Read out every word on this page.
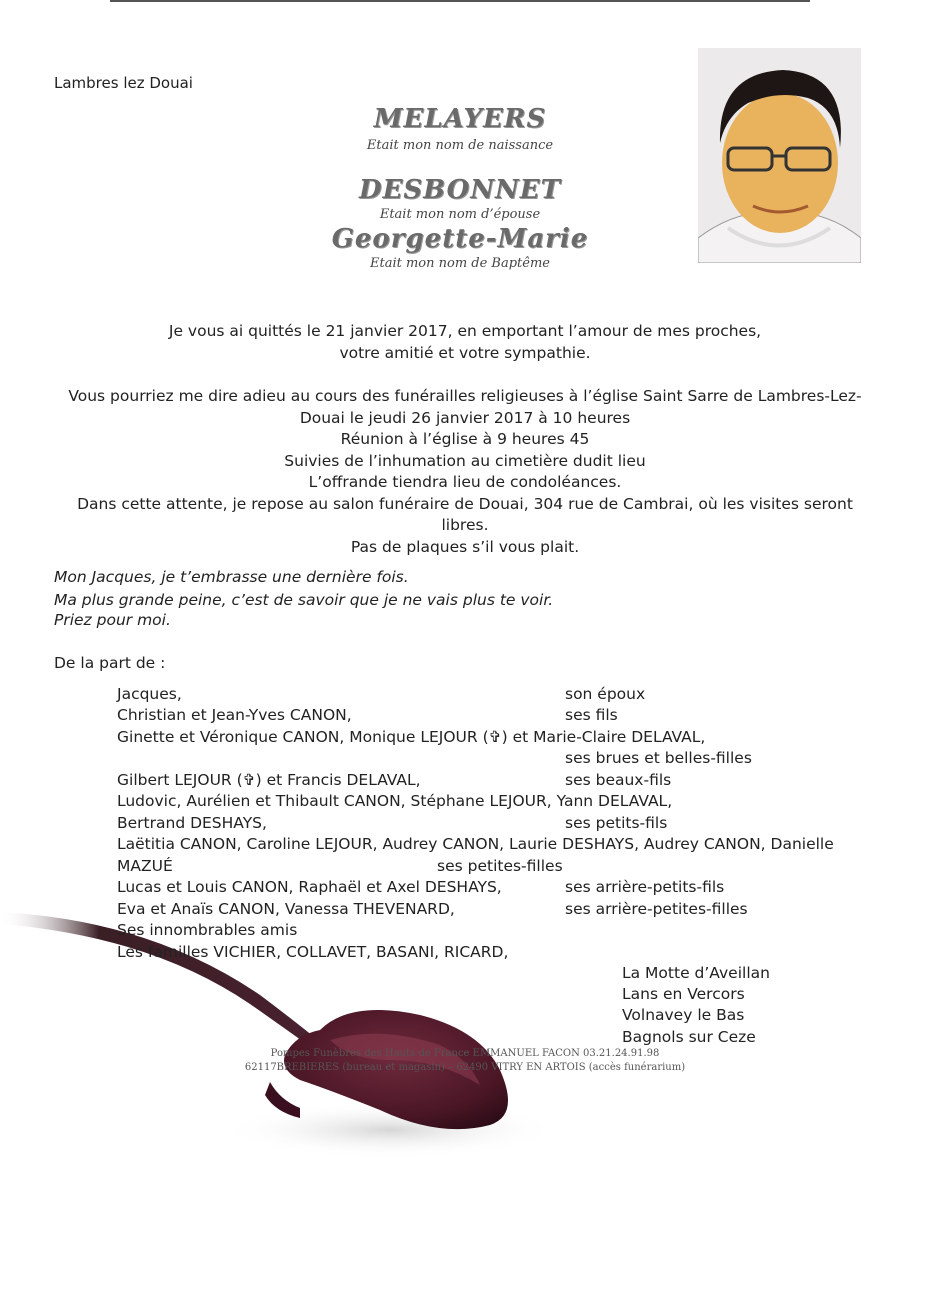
Lambres lez Douai
MELAYERS
Etait mon nom de naissance
DESBONNET
Etait mon nom d’épouse
Georgette-Marie
Etait mon nom de Baptême
Je vous ai quittés le 21 janvier 2017, en emportant l’amour de mes proches,
votre amitié et votre sympathie.
Vous pourriez me dire adieu au cours des funérailles religieuses à l’église Saint Sarre de Lambres-Lez-
Douai le jeudi 26 janvier 2017 à 10 heures
Réunion à l’église à 9 heures 45
Suivies de l’inhumation au cimetière dudit lieu
L’offrande tiendra lieu de condoléances.
Dans cette attente, je repose au salon funéraire de Douai, 304 rue de Cambrai, où les visites seront
libres.
Pas de plaques s’il vous plait.
Mon Jacques, je t’embrasse une dernière fois.
Ma plus grande peine, c’est de savoir que je ne vais plus te voir.
Priez pour moi.
De la part de :
Jacques,	son époux
Christian et Jean-Yves CANON,	ses fils
Ginette et Véronique CANON, Monique LEJOUR (✞) et Marie-Claire DELAVAL,
ses brues et belles-filles
Gilbert LEJOUR (✞) et Francis DELAVAL,	ses beaux-fils
Ludovic, Aurélien et Thibault CANON, Stéphane LEJOUR, Yann DELAVAL,
Bertrand DESHAYS,	ses petits-fils
Laëtitia CANON, Caroline LEJOUR, Audrey CANON, Laurie DESHAYS, Audrey CANON, Danielle
MAZUÉ	ses petites-filles
Lucas et Louis CANON, Raphaël et Axel DESHAYS,	ses arrière-petits-fils
Eva et Anaïs CANON, Vanessa THEVENARD,	ses arrière-petites-filles
Ses innombrables amis
Les familles VICHIER, COLLAVET, BASANI, RICARD,
La Motte d’Aveillan
Lans en Vercors
Volnavey le Bas
Bagnols sur Ceze
Pompes Funèbres des Hauts de France EMMANUEL FACON 03.21.24.91.98
62117BREBIERES (bureau et magasin) – 62490 VITRY EN ARTOIS (accès funérarium)
